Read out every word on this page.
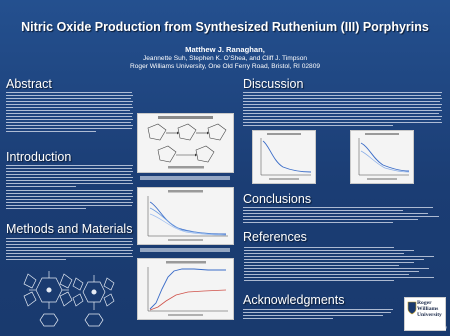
Nitric Oxide Production from Synthesized Ruthenium (III) Porphyrins
Matthew J. Ranaghan,
Jeannette Suh, Stephen K. O’Shea, and Cliff J. Timpson
Roger Williams University, One Old Ferry Road, Bristol, RI 02809
Abstract
Introduction
Methods and Materials
Discussion
Conclusions
References
Acknowledgments	Roger Williams University
www.rwu.edu
